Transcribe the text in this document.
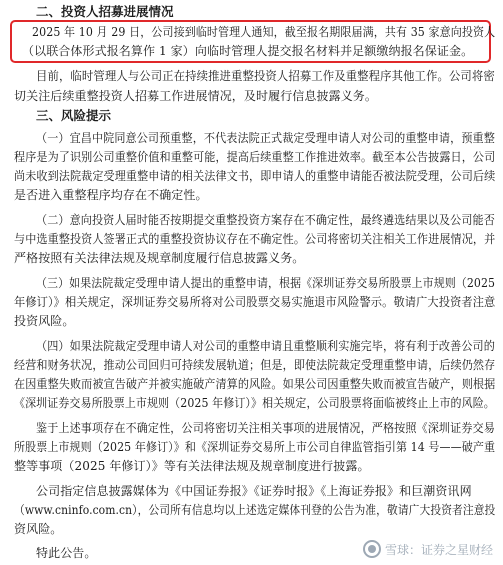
二、投资人招募进展情况
2025 年 10 月 29 日，公司接到临时管理人通知，截至报名期限届满，共有 35 家意向投资人
（以联合体形式报名算作 1 家）向临时管理人提交报名材料并足额缴纳报名保证金。
目前，临时管理人与公司正在持续推进重整投资人招募工作及重整程序其他工作。公司将密
切关注后续重整投资人招募工作进展情况，及时履行信息披露义务。
三、风险提示
（一）宜昌中院同意公司预重整，不代表法院正式裁定受理申请人对公司的重整申请，预重整
程序是为了识别公司重整价值和重整可能，提高后续重整工作推进效率。截至本公告披露日，公司
尚未收到法院裁定受理重整申请的相关法律文书，即申请人的重整申请能否被法院受理，公司后续
是否进入重整程序均存在不确定性。
（二）意向投资人届时能否按期提交重整投资方案存在不确定性，最终遴选结果以及公司能否
与中选重整投资人签署正式的重整投资协议存在不确定性。公司将密切关注相关工作进展情况，并
严格按照有关法律法规及规章制度履行信息披露义务。
（三）如果法院裁定受理申请人提出的重整申请，根据《深圳证券交易所股票上市规则（2025
年修订）》相关规定，深圳证券交易所将对公司股票交易实施退市风险警示。敬请广大投资者注意
投资风险。
（四）如果法院裁定受理申请人对公司的重整申请且重整顺利实施完毕，将有利于改善公司的
经营和财务状况，推动公司回归可持续发展轨道；但是，即使法院裁定受理重整申请，后续仍然存
在因重整失败而被宣告破产并被实施破产清算的风险。如果公司因重整失败而被宣告破产，则根据
《深圳证券交易所股票上市规则（2025 年修订）》相关规定，公司股票将面临被终止上市的风险。
鉴于上述事项存在不确定性，公司将密切关注相关事项的进展情况，严格按照《深圳证券交易
所股票上市规则（2025 年修订）》和《深圳证券交易所上市公司自律监管指引第 14 号——破产重
整等事项（2025 年修订）》等有关法律法规及规章制度进行披露。
公司指定信息披露媒体为《中国证券报》《证券时报》《上海证券报》和巨潮资讯网
（www.cninfo.com.cn），公司所有信息均以上述选定媒体刊登的公告为准，敬请广大投资者注意投
资风险。
特此公告。	雪球：证券之星财经
